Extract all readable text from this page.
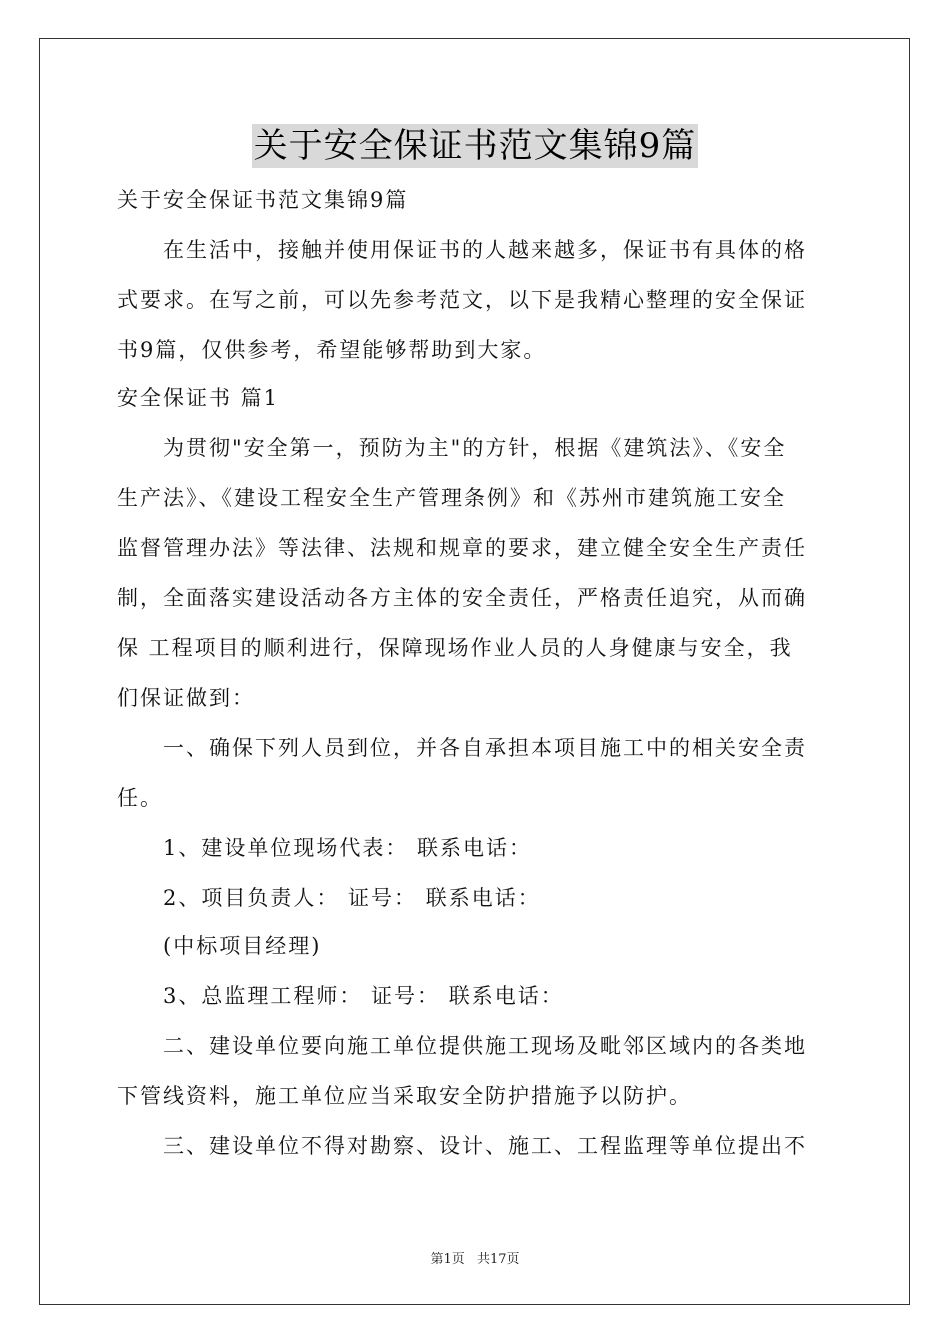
关于安全保证书范文集锦9篇
关于安全保证书范文集锦9篇
在生活中，接触并使用保证书的人越来越多，保证书有具体的格
式要求。在写之前，可以先参考范文，以下是我精心整理的安全保证
书9篇，仅供参考，希望能够帮助到大家。
安全保证书 篇1
为贯彻"安全第一，预防为主"的方针，根据《建筑法》、《安全
生产法》、《建设工程安全生产管理条例》和《苏州市建筑施工安全
监督管理办法》等法律、法规和规章的要求，建立健全安全生产责任
制，全面落实建设活动各方主体的安全责任，严格责任追究，从而确
保 工程项目的顺利进行，保障现场作业人员的人身健康与安全，我
们保证做到：
一、确保下列人员到位，并各自承担本项目施工中的相关安全责
任。
1、建设单位现场代表： 联系电话：
2、项目负责人： 证号： 联系电话：
(中标项目经理)
3、总监理工程师： 证号： 联系电话：
二、建设单位要向施工单位提供施工现场及毗邻区域内的各类地
下管线资料，施工单位应当采取安全防护措施予以防护。
三、建设单位不得对勘察、设计、施工、工程监理等单位提出不
第1页 共17页
